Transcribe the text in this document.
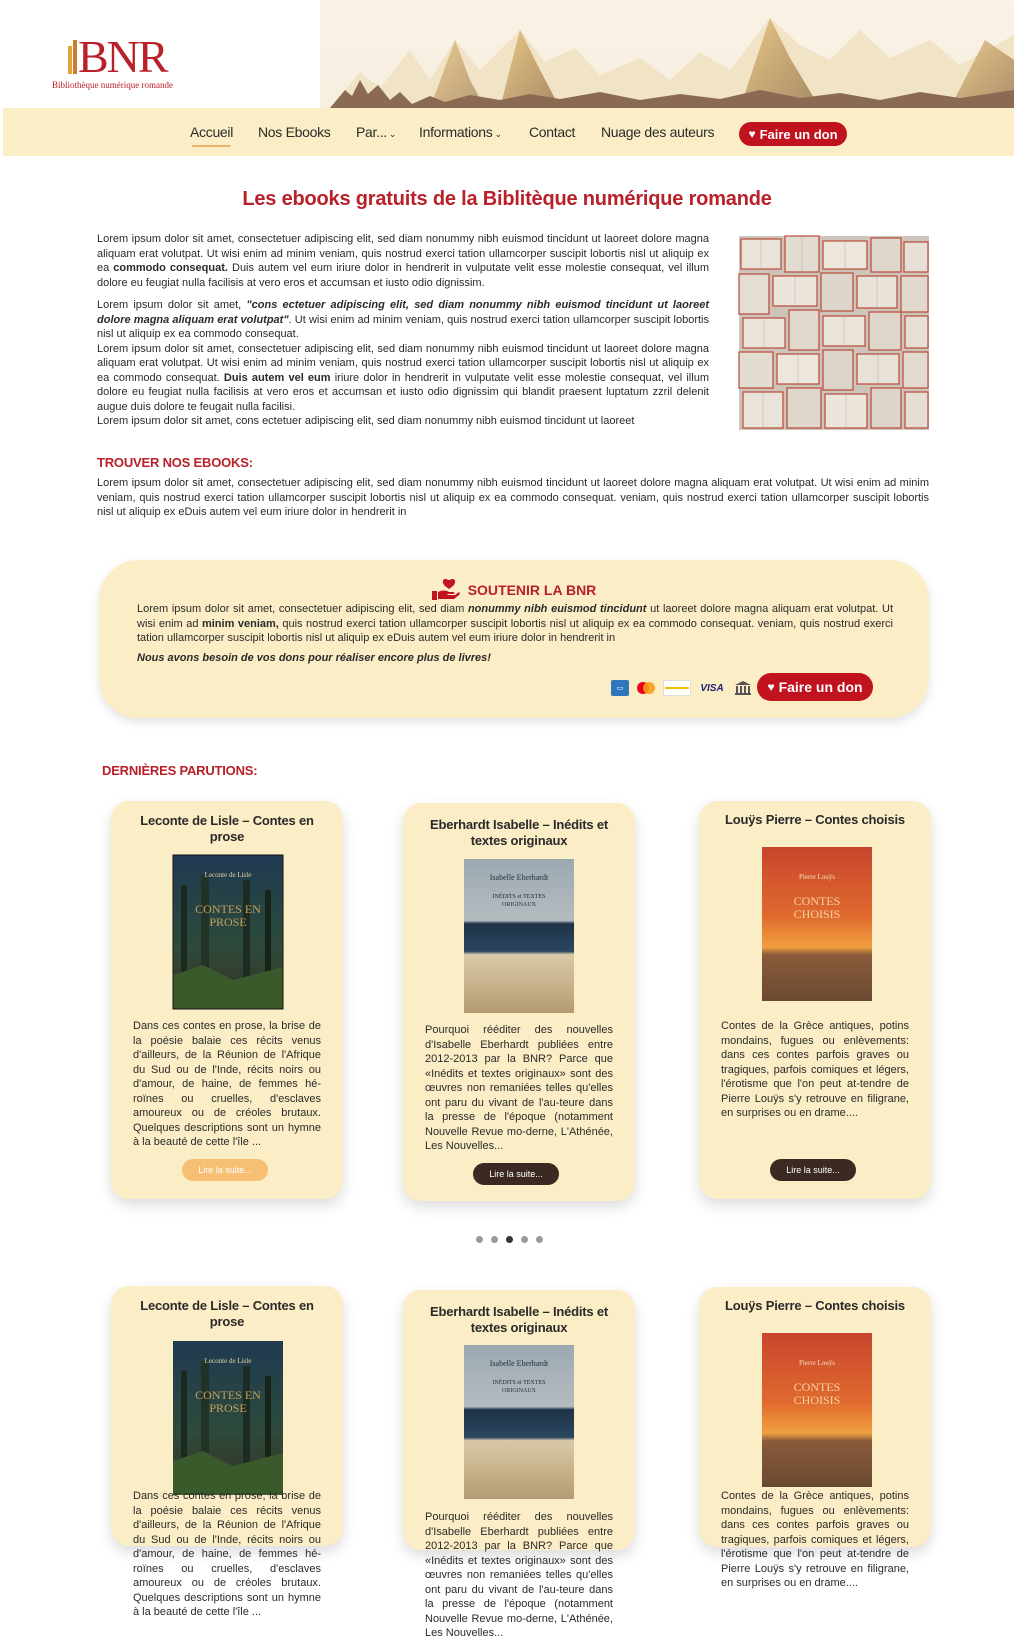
BNR
Bibliothèque numérique romande
Accueil Nos Ebooks Par... ⌄ Informations ⌄ Contact Nuage des auteurs	♥ Faire un don
Les ebooks gratuits de la Biblitèque numérique romande

Lorem ipsum dolor sit amet, consectetuer adipiscing elit, sed diam nonummy nibh euismod tincidunt ut laoreet dolore magna aliquam erat volutpat. Ut wisi enim ad minim veniam, quis nostrud exerci tation ullamcorper suscipit lobortis nisl ut aliquip ex ea commodo consequat. Duis autem vel eum iriure dolor in hendrerit in vulputate velit esse molestie consequat, vel illum dolore eu feugiat nulla facilisis at vero eros et accumsan et iusto odio dignissim.

Lorem ipsum dolor sit amet, "cons ectetuer adipiscing elit, sed diam nonummy nibh euismod tincidunt ut laoreet dolore magna aliquam erat volutpat". Ut wisi enim ad minim veniam, quis nostrud exerci tation ullamcorper suscipit lobortis nisl ut aliquip ex ea commodo consequat.

Lorem ipsum dolor sit amet, consectetuer adipiscing elit, sed diam nonummy nibh euismod tincidunt ut laoreet dolore magna aliquam erat volutpat. Ut wisi enim ad minim veniam, quis nostrud exerci tation ullamcorper suscipit lobortis nisl ut aliquip ex ea commodo consequat. Duis autem vel eum iriure dolor in hendrerit in vulputate velit esse molestie consequat, vel illum dolore eu feugiat nulla facilisis at vero eros et accumsan et iusto odio dignissim qui blandit praesent luptatum zzril delenit augue duis dolore te feugait nulla facilisi.

Lorem ipsum dolor sit amet, cons ectetuer adipiscing elit, sed diam nonummy nibh euismod tincidunt ut laoreet

TROUVER NOS EBOOKS:

Lorem ipsum dolor sit amet, consectetuer adipiscing elit, sed diam nonummy nibh euismod tincidunt ut laoreet dolore magna aliquam erat volutpat. Ut wisi enim ad minim veniam, quis nostrud exerci tation ullamcorper suscipit lobortis nisl ut aliquip ex ea commodo consequat. veniam, quis nostrud exerci tation ullamcorper suscipit lobortis nisl ut aliquip ex eDuis autem vel eum iriure dolor in hendrerit in

SOUTENIR LA BNR

Lorem ipsum dolor sit amet, consectetuer adipiscing elit, sed diam nonummy nibh euismod tincidunt ut laoreet dolore magna aliquam erat volutpat. Ut wisi enim ad minim veniam, quis nostrud exerci tation ullamcorper suscipit lobortis nisl ut aliquip ex ea commodo consequat. veniam, quis nostrud exerci tation ullamcorper suscipit lobortis nisl ut aliquip ex eDuis autem vel eum iriure dolor in hendrerit in

Nous avons besoin de vos dons pour réaliser encore plus de livres!

▭	VISA	♥ Faire un don
DERNIÈRES PARUTIONS:
Leconte de Lisle – Contes en prose
Leconte de Lisle
CONTES EN PROSE
Dans ces contes en prose, la brise de la poésie balaie ces récits venus d'ailleurs, de la Réunion de l'Afrique du Sud ou de l'Inde, récits noirs ou d'amour, de haine, de femmes hé-roïnes ou cruelles, d'esclaves amoureux ou de créoles brutaux. Quelques descriptions sont un hymne à la beauté de cette l'île ...
Lire la suite...
Eberhardt Isabelle – Inédits et textes originaux
Isabelle Eberhardt
INÉDITS et TEXTES ORIGINAUX
Pourquoi rééditer des nouvelles d'Isabelle Eberhardt publiées entre 2012-2013 par la BNR? Parce que «Inédits et textes originaux» sont des œuvres non remaniées telles qu'elles ont paru du vivant de l'au-teure dans la presse de l'époque (notamment Nouvelle Revue mo-derne, L'Athénée, Les Nouvelles...
Lire la suite...
Louÿs Pierre – Contes choisis
Pierre Louÿs
CONTES CHOISIS
Contes de la Grèce antiques, potins mondains, fugues ou enlèvements: dans ces contes parfois graves ou tragiques, parfois comiques et légers, l'érotisme que l'on peut at-tendre de Pierre Louÿs s'y retrouve en filigrane, en surprises ou en drame....
Lire la suite...
Leconte de Lisle – Contes en prose
Leconte de Lisle
CONTES EN PROSE
Dans ces contes en prose, la brise de la poésie balaie ces récits venus d'ailleurs, de la Réunion de l'Afrique du Sud ou de l'Inde, récits noirs ou d'amour, de haine, de femmes hé-roïnes ou cruelles, d'esclaves amoureux ou de créoles brutaux. Quelques descriptions sont un hymne à la beauté de cette l'île ...
Eberhardt Isabelle – Inédits et textes originaux
Isabelle Eberhardt
INÉDITS et TEXTES ORIGINAUX
Pourquoi rééditer des nouvelles d'Isabelle Eberhardt publiées entre 2012-2013 par la BNR? Parce que «Inédits et textes originaux» sont des œuvres non remaniées telles qu'elles ont paru du vivant de l'au-teure dans la presse de l'époque (notamment Nouvelle Revue mo-derne, L'Athénée, Les Nouvelles...
Louÿs Pierre – Contes choisis
Pierre Louÿs
CONTES CHOISIS
Contes de la Grèce antiques, potins mondains, fugues ou enlèvements: dans ces contes parfois graves ou tragiques, parfois comiques et légers, l'érotisme que l'on peut at-tendre de Pierre Louÿs s'y retrouve en filigrane, en surprises ou en drame....
